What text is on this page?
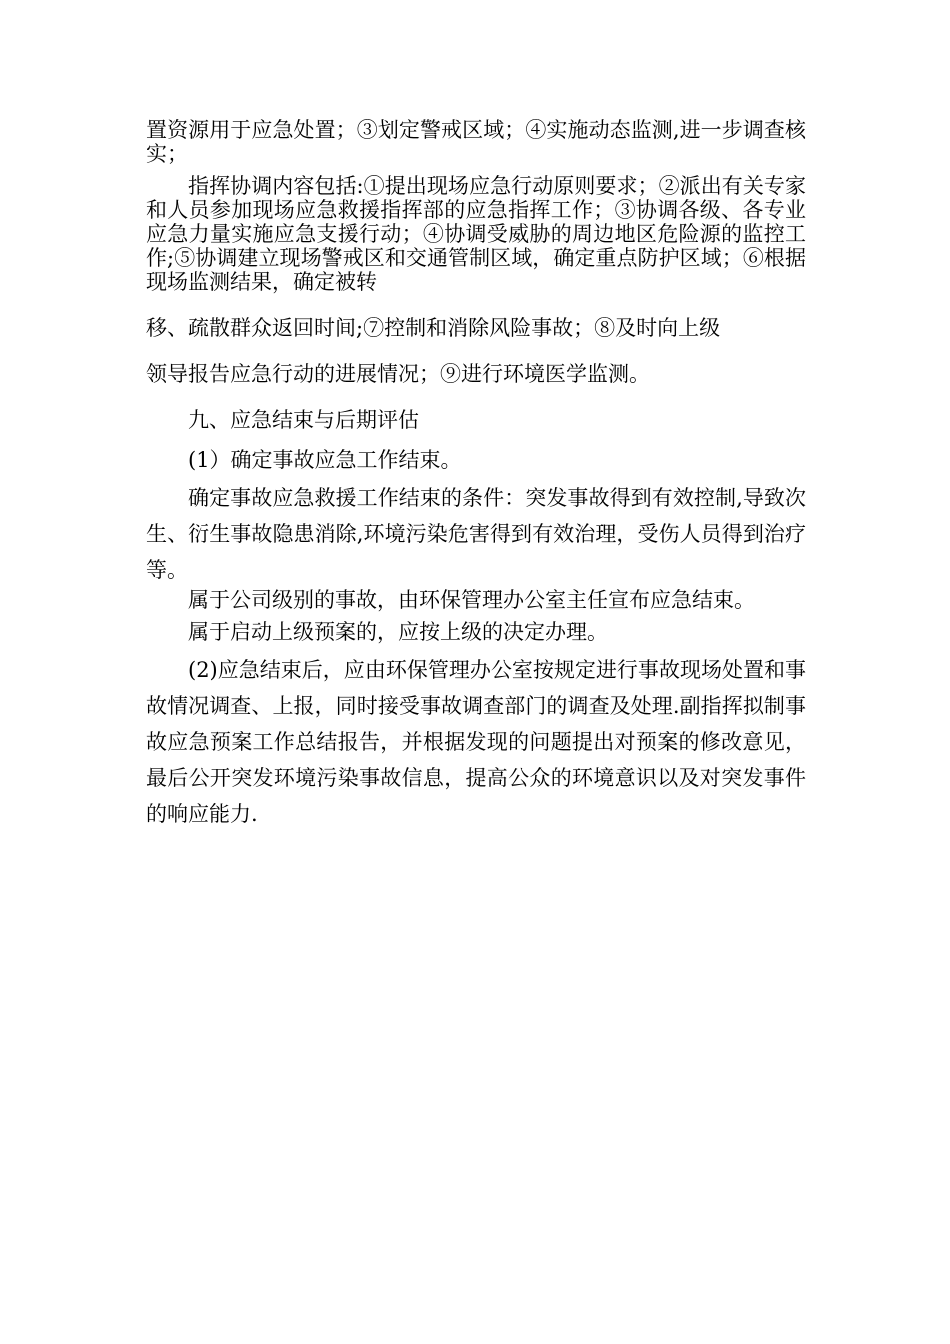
置资源用于应急处置；③划定警戒区域；④实施动态监测,进一步调查核实；

指挥协调内容包括:①提出现场应急行动原则要求；②派出有关专家和人员参加现场应急救援指挥部的应急指挥工作；③协调各级、各专业应急力量实施应急支援行动；④协调受威胁的周边地区危险源的监控工作;⑤协调建立现场警戒区和交通管制区域，确定重点防护区域；⑥根据现场监测结果，确定被转

移、疏散群众返回时间;⑦控制和消除风险事故；⑧及时向上级

领导报告应急行动的进展情况；⑨进行环境医学监测。

九、应急结束与后期评估

(1）确定事故应急工作结束。

确定事故应急救援工作结束的条件：突发事故得到有效控制,导致次生、衍生事故隐患消除,环境污染危害得到有效治理，受伤人员得到治疗等。

属于公司级别的事故，由环保管理办公室主任宣布应急结束。

属于启动上级预案的，应按上级的决定办理。

(2)应急结束后，应由环保管理办公室按规定进行事故现场处置和事故情况调查、上报，同时接受事故调查部门的调查及处理.副指挥拟制事故应急预案工作总结报告，并根据发现的问题提出对预案的修改意见，最后公开突发环境污染事故信息，提高公众的环境意识以及对突发事件的响应能力.
